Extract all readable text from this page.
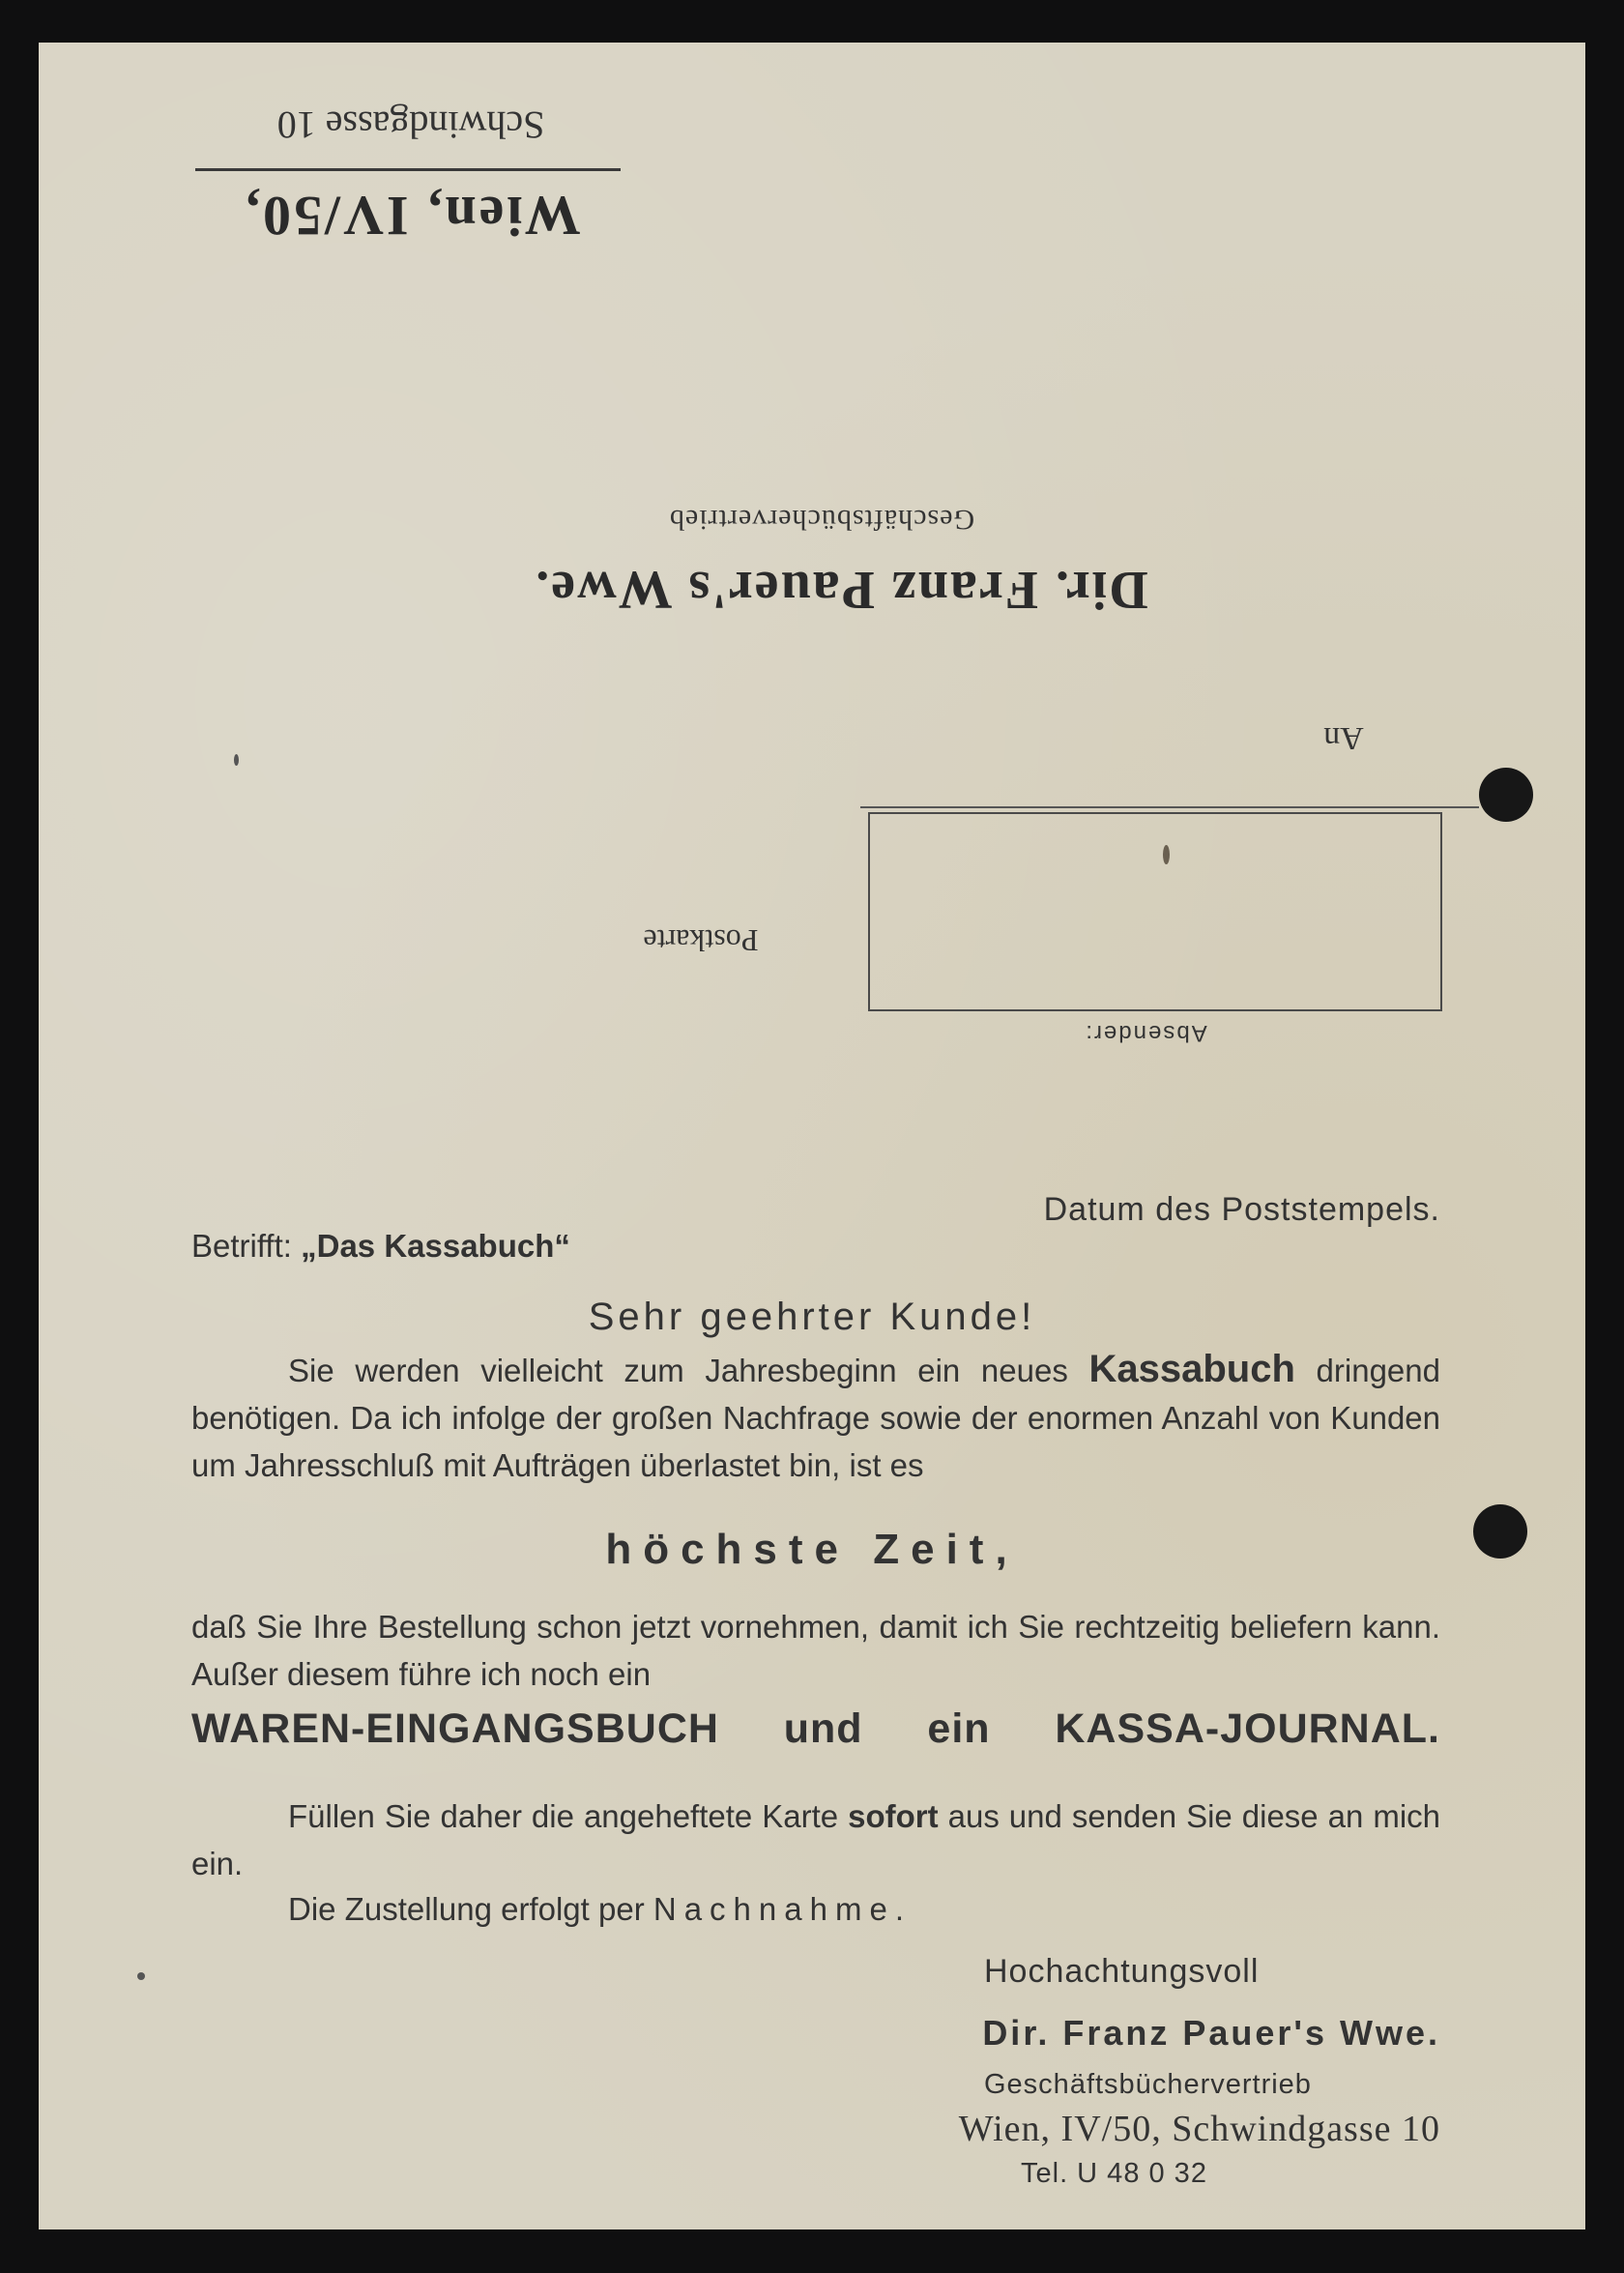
Wien, IV/50,
Schwindgasse 10
Dir. Franz Pauer's Wwe.
Geschäftsbüchervertrieb
An
Postkarte
Absender:
Datum des Poststempels.
Betrifft: „Das Kassabuch“
Sehr geehrter Kunde!
Sie werden vielleicht zum Jahresbeginn ein neues Kassabuch dringend benötigen. Da ich infolge der großen Nachfrage sowie der enormen Anzahl von Kunden um Jahresschluß mit Aufträgen überlastet bin, ist es
höchste Zeit,
daß Sie Ihre Bestellung schon jetzt vornehmen, damit ich Sie rechtzeitig beliefern kann. Außer diesem führe ich noch ein
WAREN-EINGANGSBUCH und ein KASSA-JOURNAL.
Füllen Sie daher die angeheftete Karte sofort aus und senden Sie diese an mich ein.
Die Zustellung erfolgt per Nachnahme.
Hochachtungsvoll
Dir. Franz Pauer's Wwe.
Geschäftsbüchervertrieb
Wien, IV/50, Schwindgasse 10
Tel. U 48 0 32
